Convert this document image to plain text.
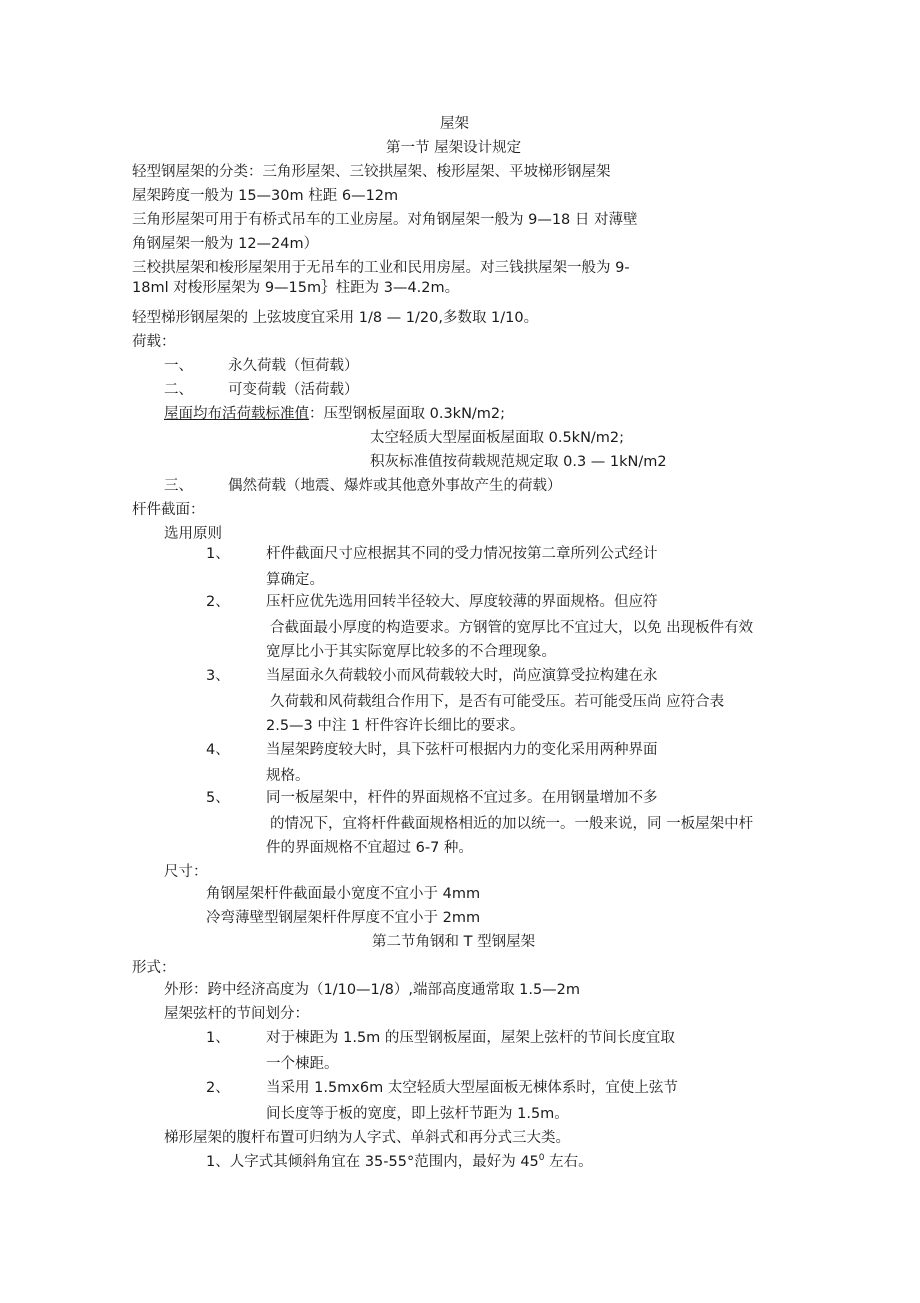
屋架
第一节 屋架设计规定
轻型钢屋架的分类：三角形屋架、三铰拱屋架、梭形屋架、平坡梯形钢屋架
屋架跨度一般为 15—30m 柱距 6—12m
三角形屋架可用于有桥式吊车的工业房屋。对角钢屋架一般为 9—18 日 对薄壁
角钢屋架一般为 12—24m）
三校拱屋架和梭形屋架用于无吊车的工业和民用房屋。对三钱拱屋架一般为 9-
18ml 对梭形屋架为 9—15m｝柱距为 3—4.2m。
轻型梯形钢屋架的 上弦坡度宜采用 1/8 — 1/20,多数取 1/10。
荷载：
一、 永久荷载（恒荷载）
二、 可变荷载（活荷载）
屋面均布活荷载标准值：压型钢板屋面取 0.3kN/m2;
太空轻质大型屋面板屋面取 0.5kN/m2;
积灰标准值按荷载规范规定取 0.3 — 1kN/m2
三、 偶然荷载（地震、爆炸或其他意外事故产生的荷载）
杆件截面：
选用原则
1、	杆件截面尺寸应根据其不同的受力情况按第二章所列公式经计
算确定。
2、	压杆应优先选用回转半径较大、厚度较薄的界面规格。但应符
合截面最小厚度的构造要求。方钢管的宽厚比不宜过大，以免 出现板件有效
宽厚比小于其实际宽厚比较多的不合理现象。
3、	当屋面永久荷载较小而风荷载较大时，尚应演算受拉构建在永
久荷载和风荷载组合作用下，是否有可能受压。若可能受压尚 应符合表
2.5—3 中注 1 杆件容许长细比的要求。
4、	当屋架跨度较大时，具下弦杆可根据内力的变化采用两种界面
规格。
5、	同一板屋架中，杆件的界面规格不宜过多。在用钢量增加不多
的情况下，宜将杆件截面规格相近的加以统一。一般来说，同 一板屋架中杆
件的界面规格不宜超过 6-7 种。
尺寸：
角钢屋架杆件截面最小宽度不宜小于 4mm
冷弯薄壁型钢屋架杆件厚度不宜小于 2mm
第二节角钢和 T 型钢屋架
形式：
外形：跨中经济高度为（1/10—1/8）,端部高度通常取 1.5—2m
屋架弦杆的节间划分：
1、	对于棟距为 1.5m 的压型钢板屋面，屋架上弦杆的节间长度宜取
一个棟距。
2、	当采用 1.5mx6m 太空轻质大型屋面板无棟体系时，宜使上弦节
间长度等于板的宽度，即上弦杆节距为 1.5m。
梯形屋架的腹杆布置可归纳为人字式、单斜式和再分式三大类。
1、人字式其倾斜角宜在 35-55°范围内，最好为 $45^0$ 左右。
